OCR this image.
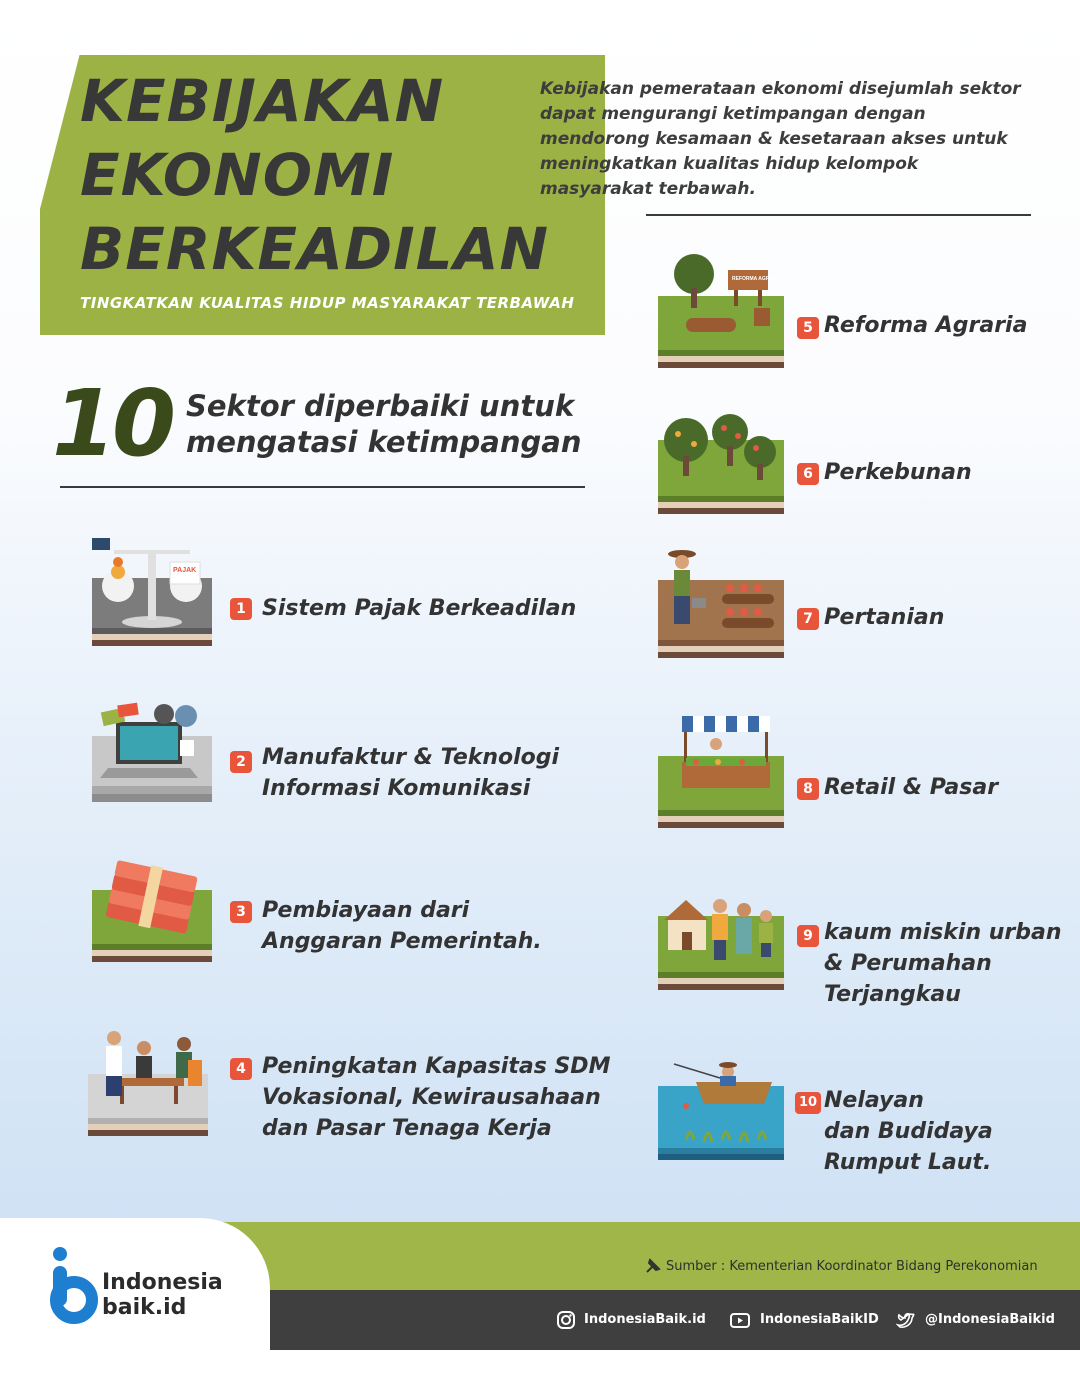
KEBIJAKAN
EKONOMI
BERKEADILAN
TINGKATKAN KUALITAS HIDUP MASYARAKAT TERBAWAH
Kebijakan pemerataan ekonomi disejumlah sektor dapat mengurangi ketimpangan dengan mendorong kesamaan & kesetaraan akses untuk meningkatkan kualitas hidup kelompok masyarakat terbawah.
10 Sektor diperbaiki untuk
mengatasi ketimpangan
PAJAK
1 Sistem Pajak Berkeadilan
2 Manufaktur & Teknologi
Informasi Komunikasi
3 Pembiayaan dari
Anggaran Pemerintah.
4 Peningkatan Kapasitas SDM
Vokasional, Kewirausahaan
dan Pasar Tenaga Kerja
REFORMA AGRARIA
5 Reforma Agraria
6 Perkebunan
7 Pertanian
8 Retail & Pasar
9 kaum miskin urban
& Perumahan
Terjangkau
10 Nelayan
dan Budidaya
Rumput Laut.
Indonesia
baik.id
Sumber : Kementerian Koordinator Bidang Perekonomian
IndonesiaBaik.id	IndonesiaBaikID	@IndonesiaBaikid
